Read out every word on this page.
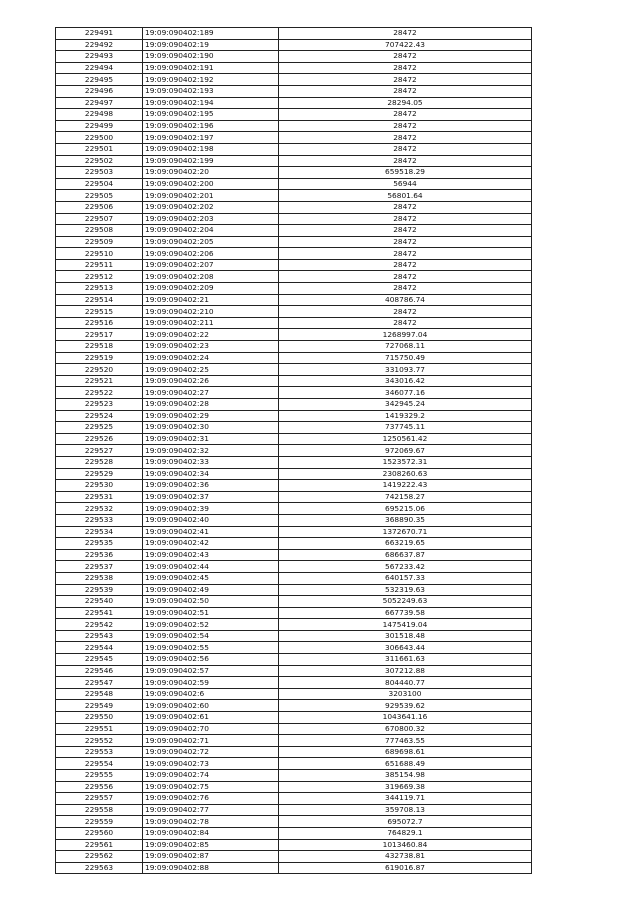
229491	19:09:090402:189	28472
229492	19:09:090402:19	707422.43
229493	19:09:090402:190	28472
229494	19:09:090402:191	28472
229495	19:09:090402:192	28472
229496	19:09:090402:193	28472
229497	19:09:090402:194	28294.05
229498	19:09:090402:195	28472
229499	19:09:090402:196	28472
229500	19:09:090402:197	28472
229501	19:09:090402:198	28472
229502	19:09:090402:199	28472
229503	19:09:090402:20	659518.29
229504	19:09:090402:200	56944
229505	19:09:090402:201	56801.64
229506	19:09:090402:202	28472
229507	19:09:090402:203	28472
229508	19:09:090402:204	28472
229509	19:09:090402:205	28472
229510	19:09:090402:206	28472
229511	19:09:090402:207	28472
229512	19:09:090402:208	28472
229513	19:09:090402:209	28472
229514	19:09:090402:21	408786.74
229515	19:09:090402:210	28472
229516	19:09:090402:211	28472
229517	19:09:090402:22	1268997.04
229518	19:09:090402:23	727068.11
229519	19:09:090402:24	715750.49
229520	19:09:090402:25	331093.77
229521	19:09:090402:26	343016.42
229522	19:09:090402:27	346077.16
229523	19:09:090402:28	342945.24
229524	19:09:090402:29	1419329.2
229525	19:09:090402:30	737745.11
229526	19:09:090402:31	1250561.42
229527	19:09:090402:32	972069.67
229528	19:09:090402:33	1523572.31
229529	19:09:090402:34	2308260.63
229530	19:09:090402:36	1419222.43
229531	19:09:090402:37	742158.27
229532	19:09:090402:39	695215.06
229533	19:09:090402:40	368890.35
229534	19:09:090402:41	1372670.71
229535	19:09:090402:42	663219.65
229536	19:09:090402:43	686637.87
229537	19:09:090402:44	567233.42
229538	19:09:090402:45	640157.33
229539	19:09:090402:49	532319.63
229540	19:09:090402:50	5052249.63
229541	19:09:090402:51	667739.58
229542	19:09:090402:52	1475419.04
229543	19:09:090402:54	301518.48
229544	19:09:090402:55	306643.44
229545	19:09:090402:56	311661.63
229546	19:09:090402:57	307212.88
229547	19:09:090402:59	804440.77
229548	19:09:090402:6	3203100
229549	19:09:090402:60	929539.62
229550	19:09:090402:61	1043641.16
229551	19:09:090402:70	670800.32
229552	19:09:090402:71	777463.55
229553	19:09:090402:72	689698.61
229554	19:09:090402:73	651688.49
229555	19:09:090402:74	385154.98
229556	19:09:090402:75	319669.38
229557	19:09:090402:76	344119.71
229558	19:09:090402:77	359708.13
229559	19:09:090402:78	695072.7
229560	19:09:090402:84	764829.1
229561	19:09:090402:85	1013460.84
229562	19:09:090402:87	432738.81
229563	19:09:090402:88	619016.87
